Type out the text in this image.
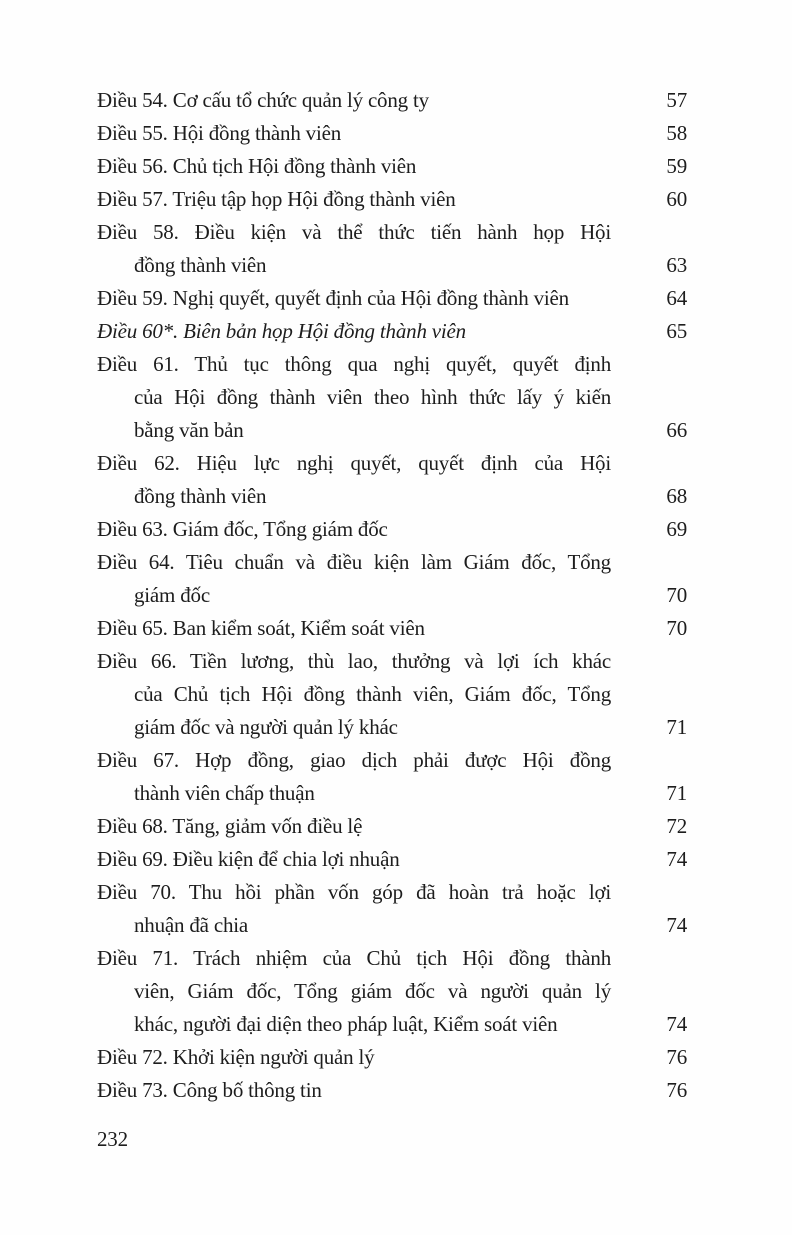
Điều 54. Cơ cấu tổ chức quản lý công ty	57
Điều 55. Hội đồng thành viên	58
Điều 56. Chủ tịch Hội đồng thành viên	59
Điều 57. Triệu tập họp Hội đồng thành viên	60
Điều 58. Điều kiện và thể thức tiến hành họp Hội
đồng thành viên	63
Điều 59. Nghị quyết, quyết định của Hội đồng thành viên	64
Điều 60*. Biên bản họp Hội đồng thành viên	65
Điều 61. Thủ tục thông qua nghị quyết, quyết định
của Hội đồng thành viên theo hình thức lấy ý kiến
bằng văn bản	66
Điều 62. Hiệu lực nghị quyết, quyết định của Hội
đồng thành viên	68
Điều 63. Giám đốc, Tổng giám đốc	69
Điều 64. Tiêu chuẩn và điều kiện làm Giám đốc, Tổng
giám đốc	70
Điều 65. Ban kiểm soát, Kiểm soát viên	70
Điều 66. Tiền lương, thù lao, thưởng và lợi ích khác
của Chủ tịch Hội đồng thành viên, Giám đốc, Tổng
giám đốc và người quản lý khác	71
Điều 67. Hợp đồng, giao dịch phải được Hội đồng
thành viên chấp thuận	71
Điều 68. Tăng, giảm vốn điều lệ	72
Điều 69. Điều kiện để chia lợi nhuận	74
Điều 70. Thu hồi phần vốn góp đã hoàn trả hoặc lợi
nhuận đã chia	74
Điều 71. Trách nhiệm của Chủ tịch Hội đồng thành
viên, Giám đốc, Tổng giám đốc và người quản lý
khác, người đại diện theo pháp luật, Kiểm soát viên	74
Điều 72. Khởi kiện người quản lý	76
Điều 73. Công bố thông tin	76
232
